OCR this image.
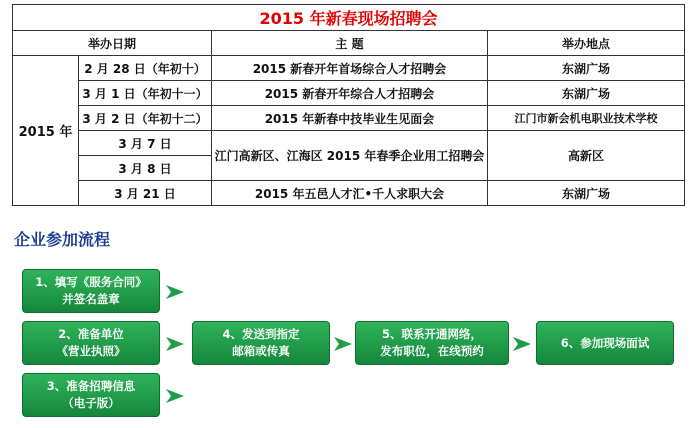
2015 年新春现场招聘会			
举办日期		主 题	举办地点
2015 年	2 月 28 日（年初十）	2015 新春开年首场综合人才招聘会	东湖广场
	3 月 1 日（年初十一）	2015 新春开年综合人才招聘会	东湖广场
	3 月 2 日（年初十二）	2015 年新春中技毕业生见面会	江门市新会机电职业技术学校
	3 月 7 日	江门高新区、江海区 2015 年春季企业用工招聘会	高新区
	3 月 8 日		
	3 月 21 日	2015 年五邑人才汇•千人求职大会	东湖广场
企业参加流程
1、填写《服务合同》
并签名盖章
2、准备单位
《营业执照》
3、准备招聘信息
（电子版）
4、发送到指定
邮箱或传真
5、联系开通网络，
发布职位，在线预约
6、参加现场面试
